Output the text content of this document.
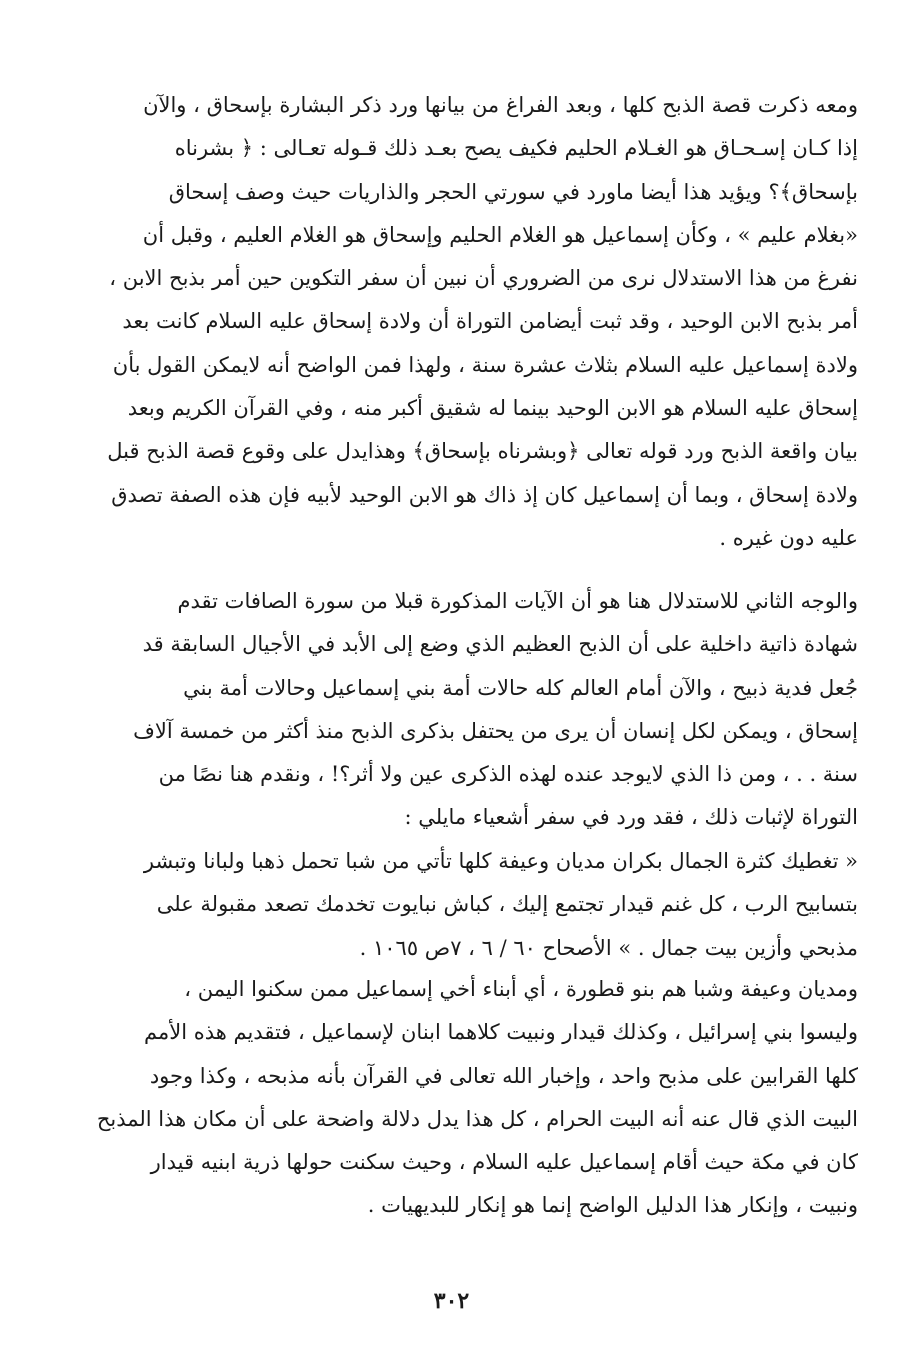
ومعه ذكرت قصة الذبح كلها ، وبعد الفراغ من بيانها ورد ذكر البشارة بإسحاق ، والآن
إذا كـان إسـحـاق هو الغـلام الحليم فكيف يصح بعـد ذلك قـوله تعـالى : ﴿ بشرناه
بإسحاق﴾؟ ويؤيد هذا أيضا ماورد في سورتي الحجر والذاريات حيث وصف إسحاق
«بغلام عليم » ، وكأن إسماعيل هو الغلام الحليم وإسحاق هو الغلام العليم ، وقبل أن
نفرغ من هذا الاستدلال نرى من الضروري أن نبين أن سفر التكوين حين أمر بذبح الابن ،
أمر بذبح الابن الوحيد ، وقد ثبت أيضامن التوراة أن ولادة إسحاق عليه السلام كانت بعد
ولادة إسماعيل عليه السلام بثلاث عشرة سنة ، ولهذا فمن الواضح أنه لايمكن القول بأن
إسحاق عليه السلام هو الابن الوحيد بينما له شقيق أكبر منه ، وفي القرآن الكريم وبعد
بيان واقعة الذبح ورد قوله تعالى ﴿وبشرناه بإسحاق﴾ وهذايدل على وقوع قصة الذبح قبل
ولادة إسحاق ، وبما أن إسماعيل كان إذ ذاك هو الابن الوحيد لأبيه فإن هذه الصفة تصدق
عليه دون غيره .
والوجه الثاني للاستدلال هنا هو أن الآيات المذكورة قبلا من سورة الصافات تقدم
شهادة ذاتية داخلية على أن الذبح العظيم الذي وضع إلى الأبد في الأجيال السابقة قد
جُعل فدية ذبيح ، والآن أمام العالم كله حالات أمة بني إسماعيل وحالات أمة بني
إسحاق ، ويمكن لكل إنسان أن يرى من يحتفل بذكرى الذبح منذ أكثر من خمسة آلاف
سنة . . ، ومن ذا الذي لايوجد عنده لهذه الذكرى عين ولا أثر؟! ، ونقدم هنا نصًا من
التوراة لإثبات ذلك ، فقد ورد في سفر أشعياء مايلي :
« تغطيك كثرة الجمال بكران مديان وعيفة كلها تأتي من شبا تحمل ذهبا ولبانا وتبشر
بتسابيح الرب ، كل غنم قيدار تجتمع إليك ، كباش نبايوت تخدمك تصعد مقبولة على
مذبحي وأزين بيت جمال . » الأصحاح ٦٠ / ٦ ، ٧ص ١٠٦٥ .
ومديان وعيفة وشبا هم بنو قطورة ، أي أبناء أخي إسماعيل ممن سكنوا اليمن ،
وليسوا بني إسرائيل ، وكذلك قيدار ونبيت كلاهما ابنان لإسماعيل ، فتقديم هذه الأمم
كلها القرابين على مذبح واحد ، وإخبار الله تعالى في القرآن بأنه مذبحه ، وكذا وجود
البيت الذي قال عنه أنه البيت الحرام ، كل هذا يدل دلالة واضحة على أن مكان هذا المذبح
كان في مكة حيث أقام إسماعيل عليه السلام ، وحيث سكنت حولها ذرية ابنيه قيدار
ونبيت ، وإنكار هذا الدليل الواضح إنما هو إنكار للبديهيات .
٣٠٢
